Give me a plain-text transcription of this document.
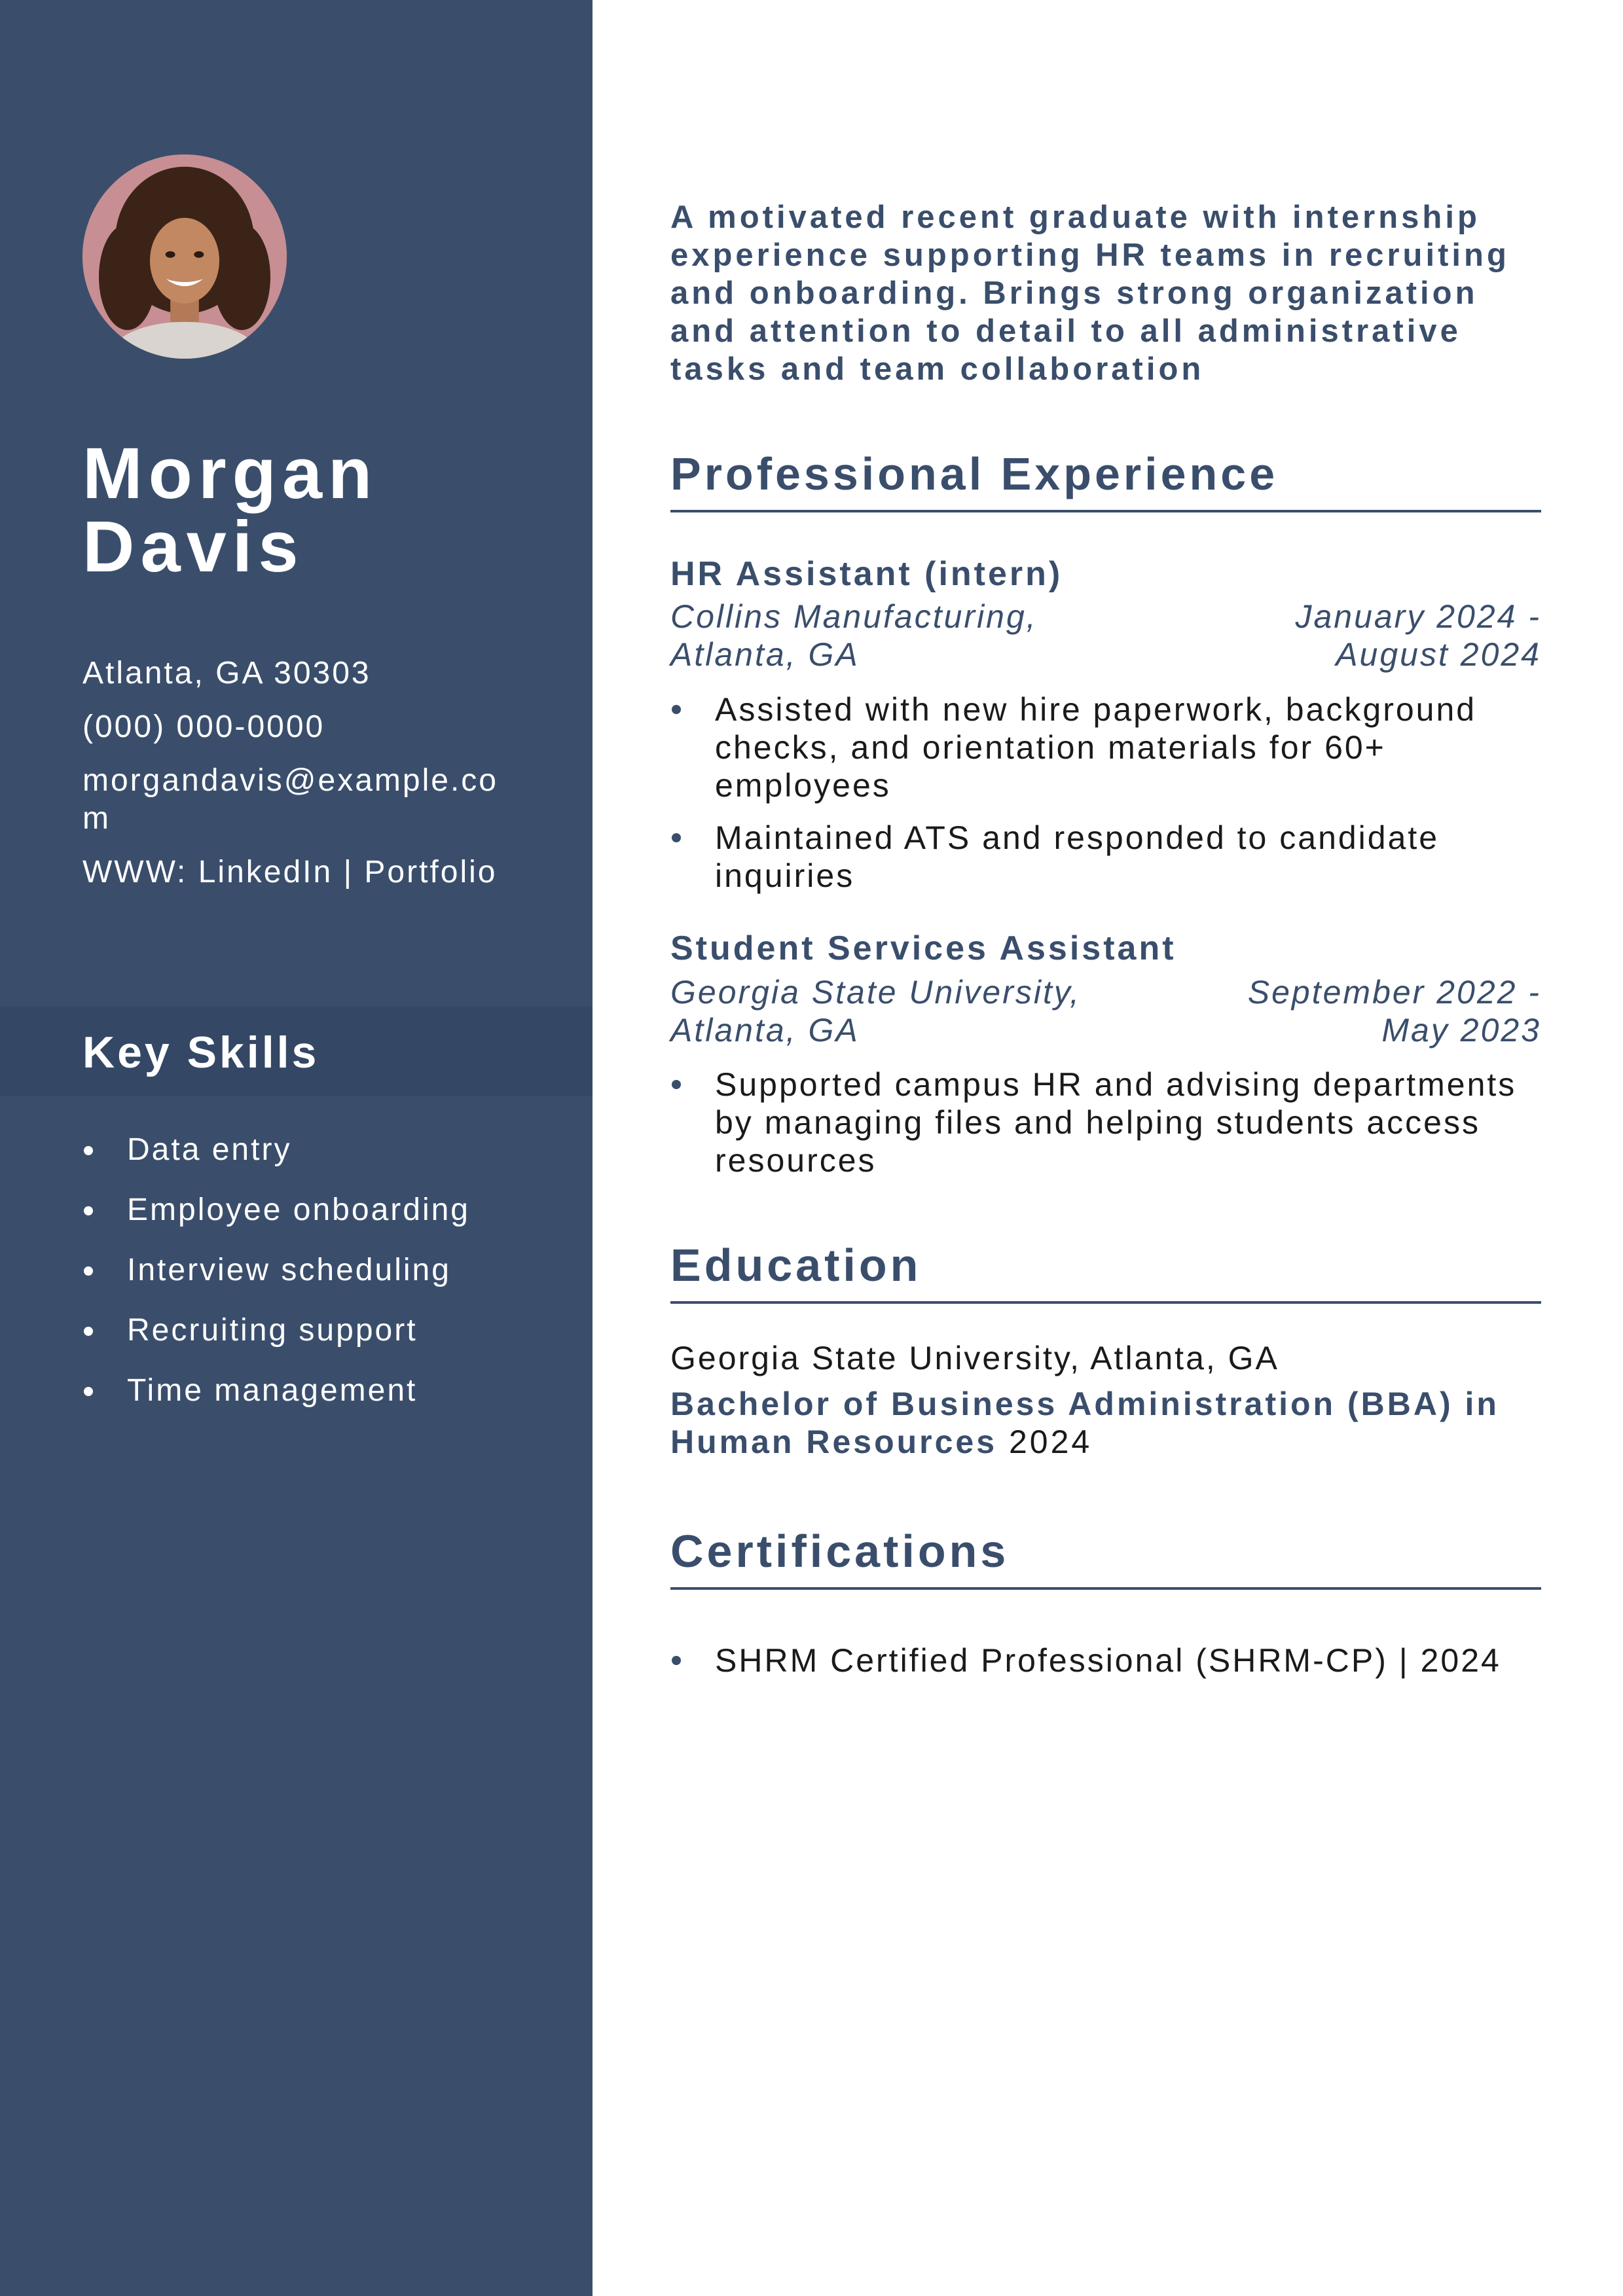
Morgan
Davis
Atlanta, GA 30303
(000) 000-0000
morgandavis@example.com
WWW: LinkedIn | Portfolio
Key Skills
Data entry
Employee onboarding
Interview scheduling
Recruiting support
Time management

A motivated recent graduate with internship experience supporting HR teams in recruiting and onboarding. Brings strong organization and attention to detail to all administrative tasks and team collaboration

Professional Experience
HR Assistant (intern)
Collins Manufacturing,
Atlanta, GA
January 2024 -
August 2024
Assisted with new hire paperwork, background checks, and orientation materials for 60+ employees
Maintained ATS and responded to candidate inquiries
Student Services Assistant
Georgia State University,
Atlanta, GA
September 2022 -
May 2023
Supported campus HR and advising departments by managing files and helping students access resources
Education
Georgia State University, Atlanta, GA
Bachelor of Business Administration (BBA) in Human Resources 2024
Certifications
SHRM Certified Professional (SHRM-CP) | 2024
